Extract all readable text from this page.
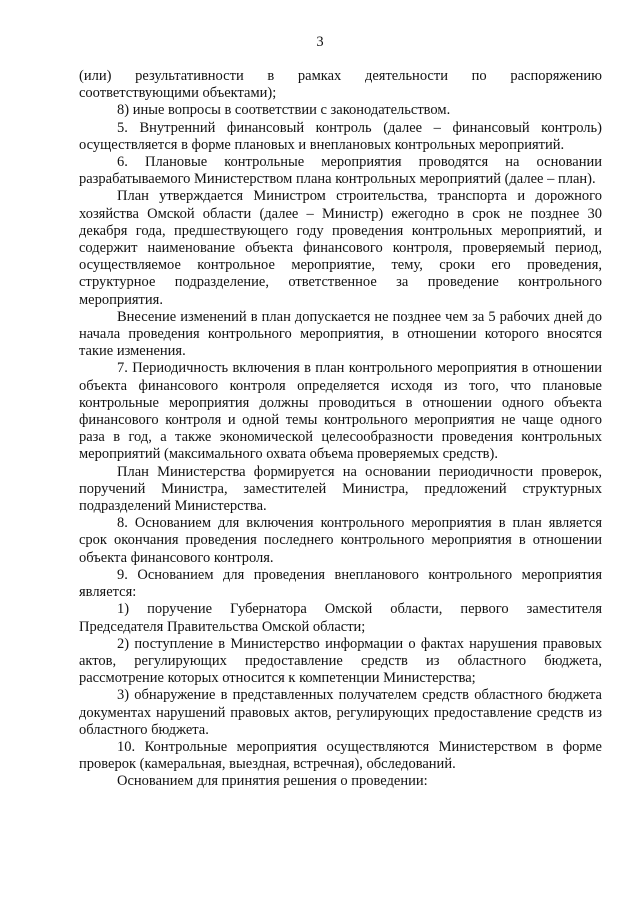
3

(или) результативности в рамках деятельности по распоряжению соответствующими объектами);

8) иные вопросы в соответствии с законодательством.

5. Внутренний финансовый контроль (далее – финансовый контроль) осуществляется в форме плановых и внеплановых контрольных мероприятий.

6. Плановые контрольные мероприятия проводятся на основании разрабатываемого Министерством плана контрольных мероприятий (далее – план).

План утверждается Министром строительства, транспорта и дорожного хозяйства Омской области (далее – Министр) ежегодно в срок не позднее 30 декабря года, предшествующего году проведения контрольных мероприятий, и содержит наименование объекта финансового контроля, проверяемый период, осуществляемое контрольное мероприятие, тему, сроки его проведения, структурное подразделение, ответственное за проведение контрольного мероприятия.

Внесение изменений в план допускается не позднее чем за 5 рабочих дней до начала проведения контрольного мероприятия, в отношении которого вносятся такие изменения.

7. Периодичность включения в план контрольного мероприятия в отношении объекта финансового контроля определяется исходя из того, что плановые контрольные мероприятия должны проводиться в отношении одного объекта финансового контроля и одной темы контрольного мероприятия не чаще одного раза в год, а также экономической целесообразности проведения контрольных мероприятий (максимального охвата объема проверяемых средств).

План Министерства формируется на основании периодичности проверок, поручений Министра, заместителей Министра, предложений структурных подразделений Министерства.

8. Основанием для включения контрольного мероприятия в план является срок окончания проведения последнего контрольного мероприятия в отношении объекта финансового контроля.

9. Основанием для проведения внепланового контрольного мероприятия является:

1) поручение Губернатора Омской области, первого заместителя Председателя Правительства Омской области;

2) поступление в Министерство информации о фактах нарушения правовых актов, регулирующих предоставление средств из областного бюджета, рассмотрение которых относится к компетенции Министерства;

3) обнаружение в представленных получателем средств областного бюджета документах нарушений правовых актов, регулирующих предоставление средств из областного бюджета.

10. Контрольные мероприятия осуществляются Министерством в форме проверок (камеральная, выездная, встречная), обследований.

Основанием для принятия решения о проведении:
